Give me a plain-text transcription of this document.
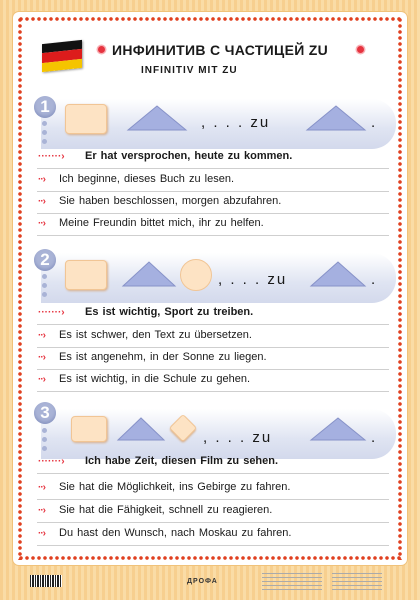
ИНФИНИТИВ С ЧАСТИЦЕЙ ZU
INFINITIV MIT ZU
1
, . . . zu	.
·······› Er hat versprochen, heute zu kommen.
··› Ich beginne, dieses Buch zu lesen.
··› Sie haben beschlossen, morgen abzufahren.
··› Meine Freundin bittet mich, ihr zu helfen.
2
, . . . zu	.
·······› Es ist wichtig, Sport zu treiben.
··› Es ist schwer, den Text zu übersetzen.
··› Es ist angenehm, in der Sonne zu liegen.
··› Es ist wichtig, in die Schule zu gehen.
3
, . . . zu	.
·······› Ich habe Zeit, diesen Film zu sehen.
··› Sie hat die Möglichkeit, ins Gebirge zu fahren.
··› Sie hat die Fähigkeit, schnell zu reagieren.
··› Du hast den Wunsch, nach Moskau zu fahren.
ДРОФА
